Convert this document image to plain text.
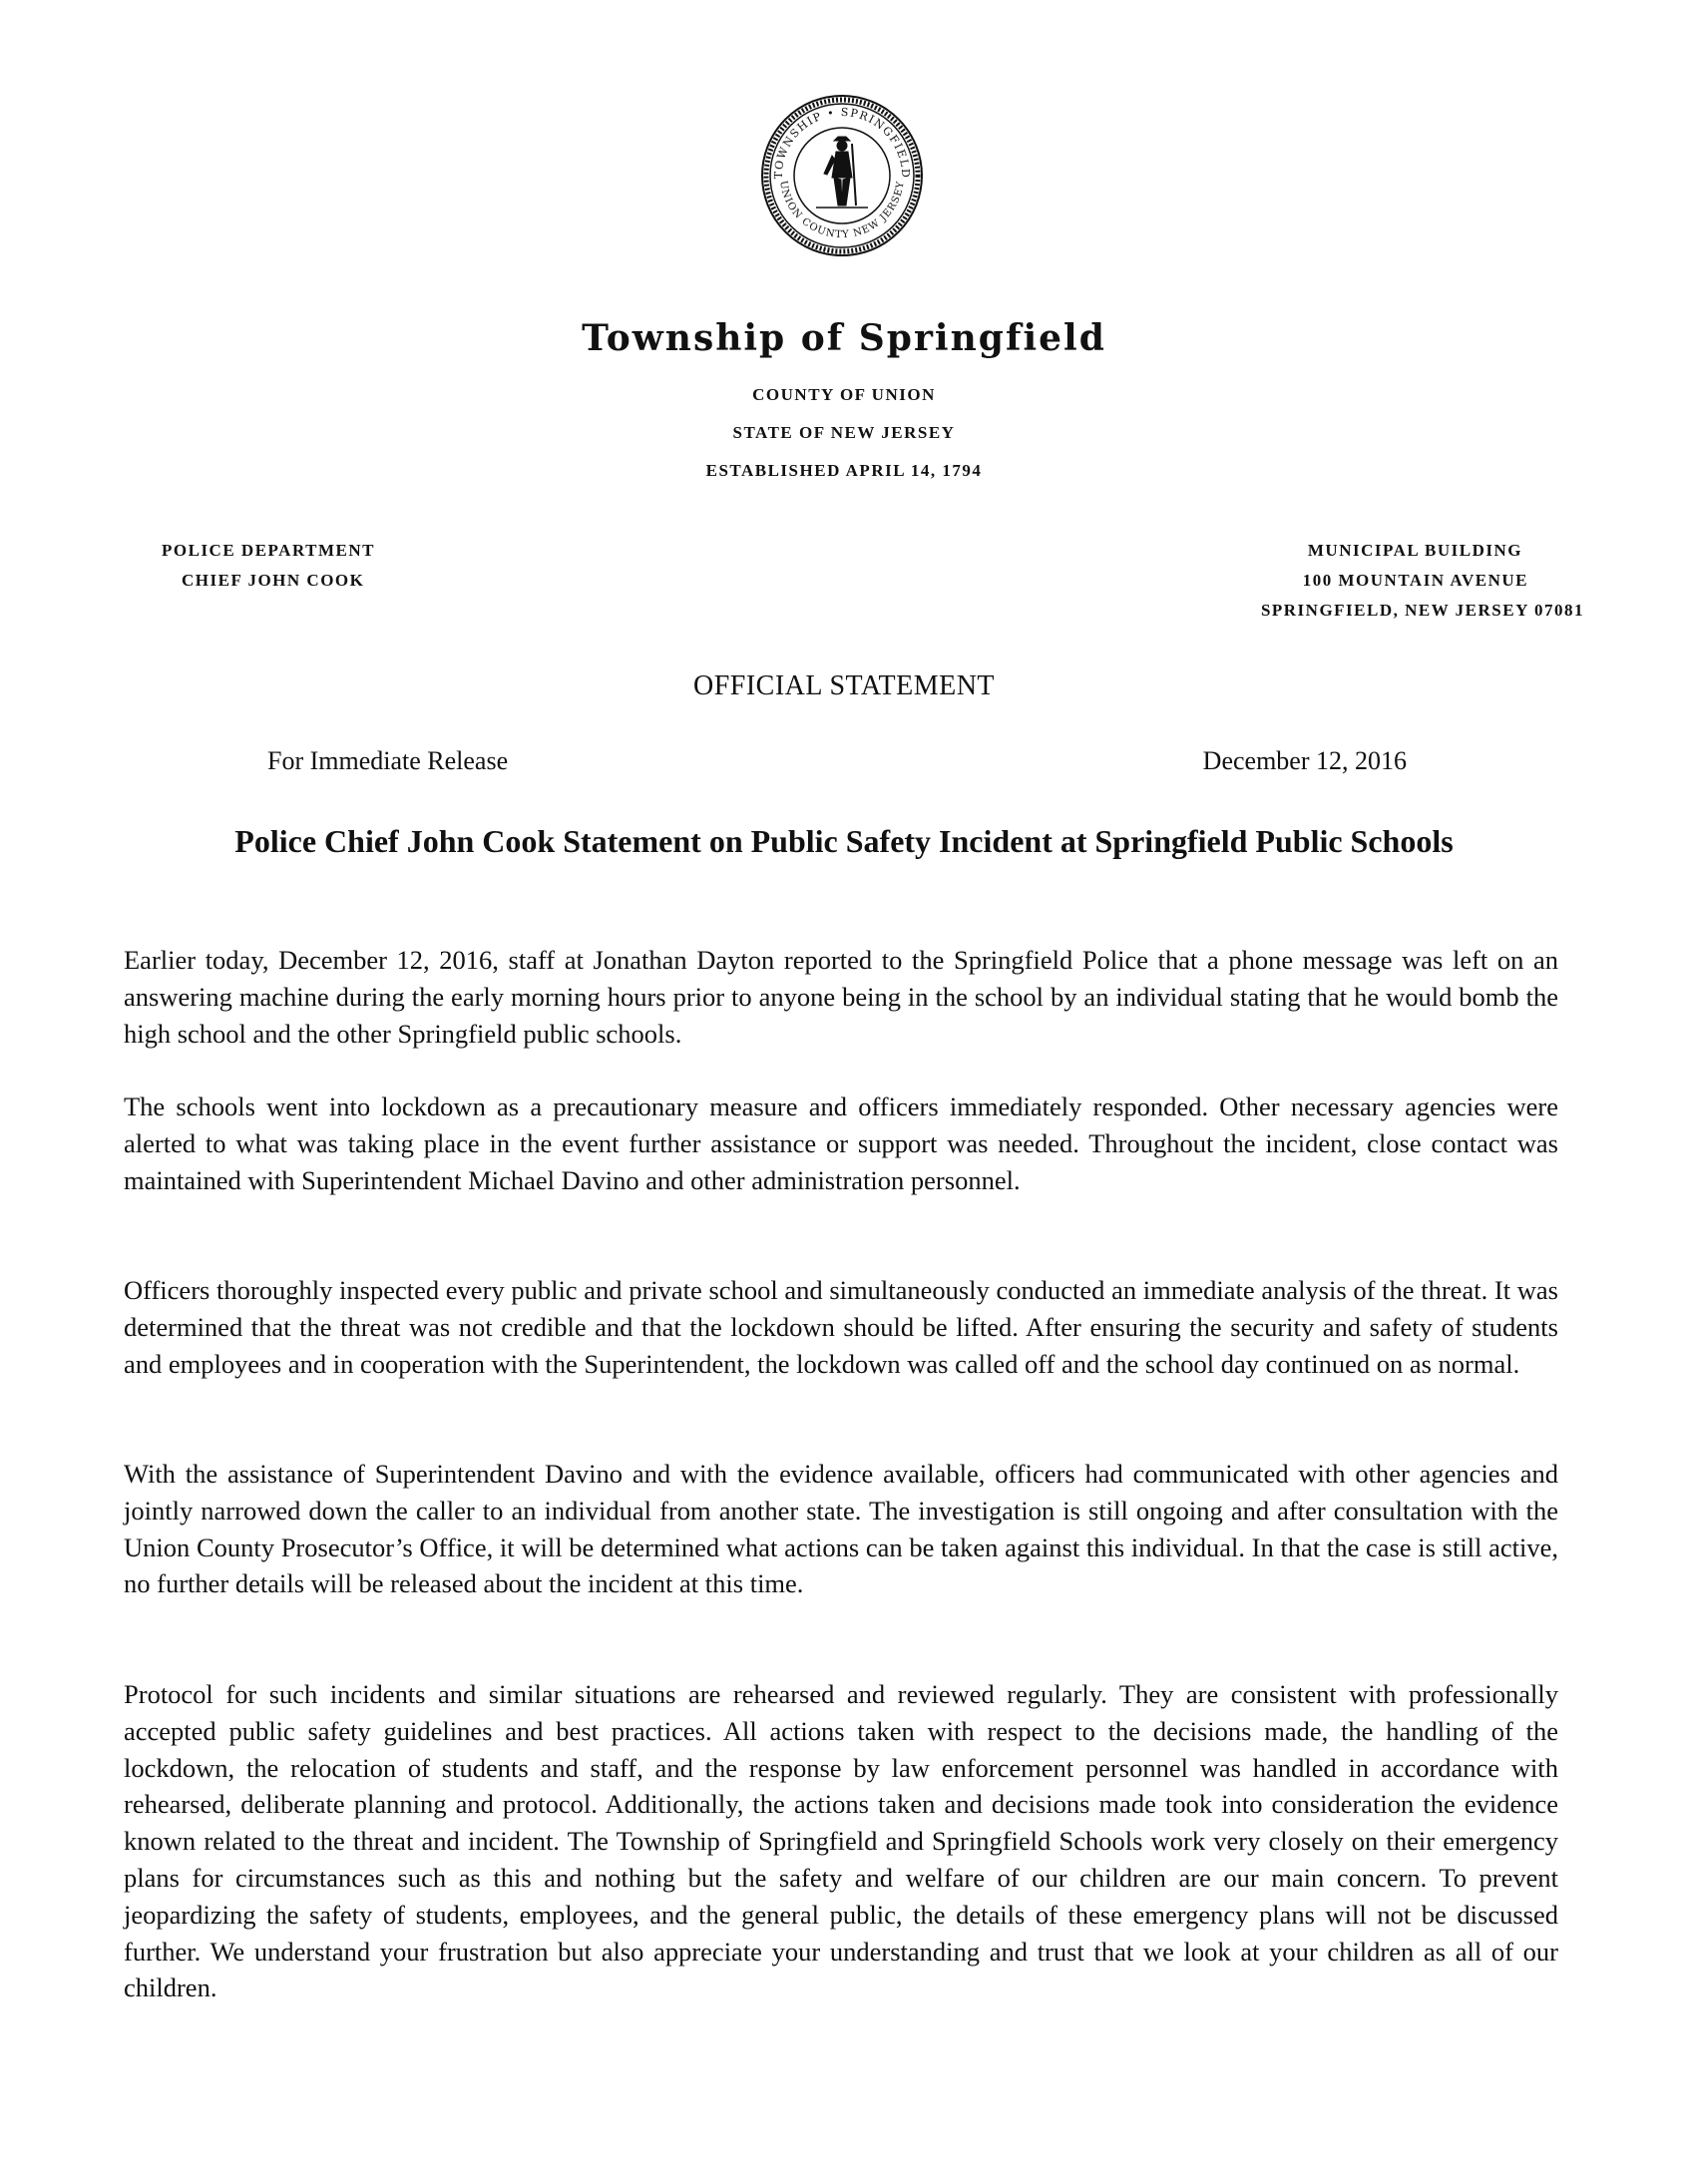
TOWNSHIP • SPRINGFIELD
UNION COUNTY NEW JERSEY
Township of Springfield
COUNTY OF UNION
STATE OF NEW JERSEY
ESTABLISHED APRIL 14, 1794
POLICE DEPARTMENT
CHIEF JOHN COOK
MUNICIPAL BUILDING
100 MOUNTAIN AVENUE
SPRINGFIELD, NEW JERSEY 07081
OFFICIAL STATEMENT
For Immediate Release	December 12, 2016
Police Chief John Cook Statement on Public Safety Incident at Springfield Public Schools

Earlier today, December 12, 2016, staff at Jonathan Dayton reported to the Springfield Police that a phone message was left on an answering machine during the early morning hours prior to anyone being in the school by an individual stating that he would bomb the high school and the other Springfield public schools.

The schools went into lockdown as a precautionary measure and officers immediately responded. Other necessary agencies were alerted to what was taking place in the event further assistance or support was needed. Throughout the incident, close contact was maintained with Superintendent Michael Davino and other administration personnel.

Officers thoroughly inspected every public and private school and simultaneously conducted an immediate analysis of the threat. It was determined that the threat was not credible and that the lockdown should be lifted. After ensuring the security and safety of students and employees and in cooperation with the Superintendent, the lockdown was called off and the school day continued on as normal.

With the assistance of Superintendent Davino and with the evidence available, officers had communicated with other agencies and jointly narrowed down the caller to an individual from another state. The investigation is still ongoing and after consultation with the Union County Prosecutor’s Office, it will be determined what actions can be taken against this individual. In that the case is still active, no further details will be released about the incident at this time.

Protocol for such incidents and similar situations are rehearsed and reviewed regularly. They are consistent with professionally accepted public safety guidelines and best practices. All actions taken with respect to the decisions made, the handling of the lockdown, the relocation of students and staff, and the response by law enforcement personnel was handled in accordance with rehearsed, deliberate planning and protocol. Additionally, the actions taken and decisions made took into consideration the evidence known related to the threat and incident. The Township of Springfield and Springfield Schools work very closely on their emergency plans for circumstances such as this and nothing but the safety and welfare of our children are our main concern. To prevent jeopardizing the safety of students, employees, and the general public, the details of these emergency plans will not be discussed further. We understand your frustration but also appreciate your understanding and trust that we look at your children as all of our children.
